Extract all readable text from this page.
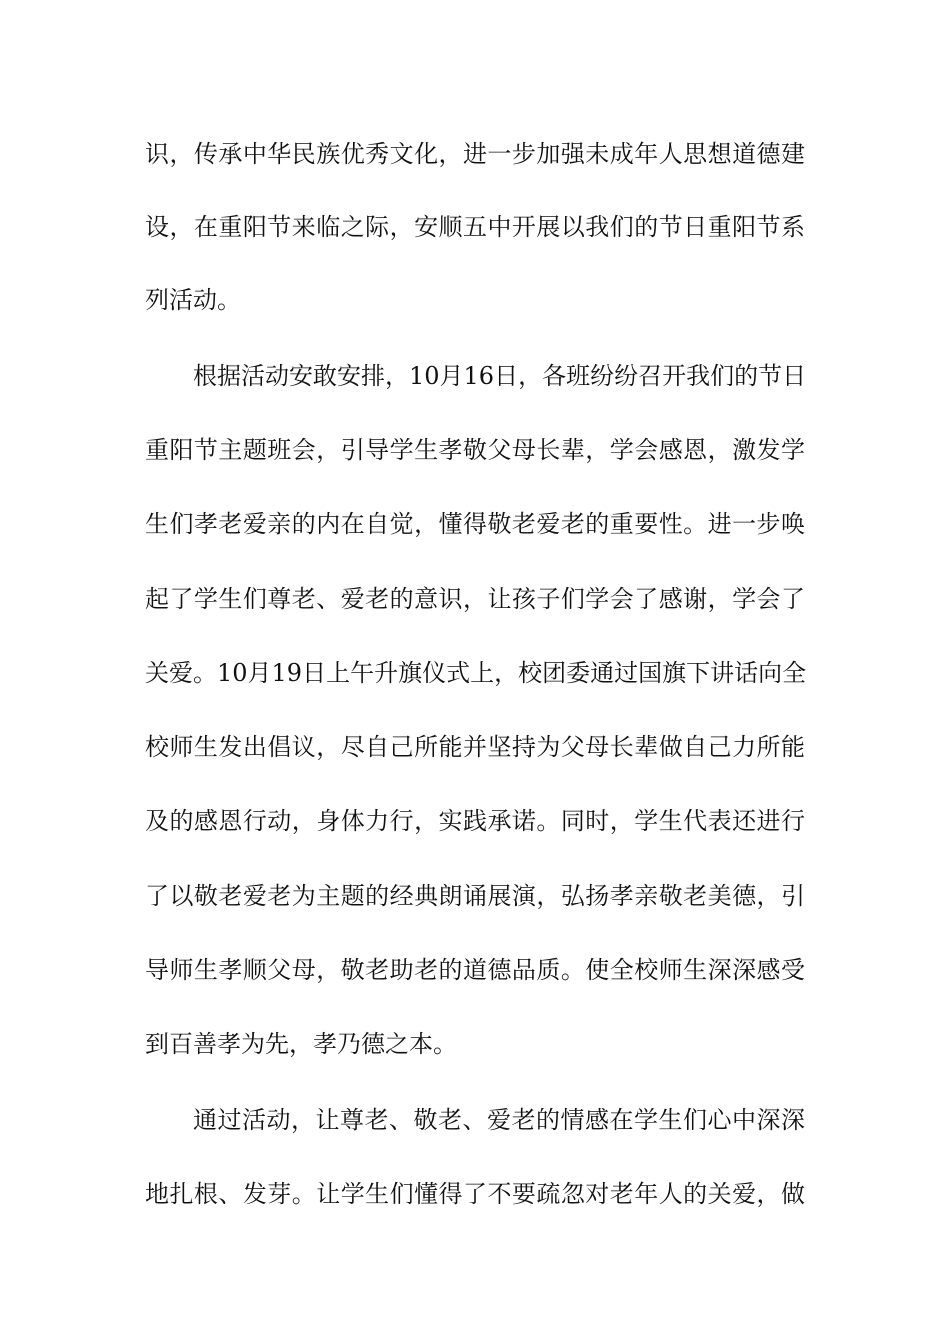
识，传承中华民族优秀文化，进一步加强未成年人思想道德建
设，在重阳节来临之际，安顺五中开展以我们的节日重阳节系
列活动。
根据活动安敢安排，10月16日，各班纷纷召开我们的节日
重阳节主题班会，引导学生孝敬父母长辈，学会感恩，激发学
生们孝老爱亲的内在自觉，懂得敬老爱老的重要性。进一步唤
起了学生们尊老、爱老的意识，让孩子们学会了感谢，学会了
关爱。10月19日上午升旗仪式上，校团委通过国旗下讲话向全
校师生发出倡议，尽自己所能并坚持为父母长辈做自己力所能
及的感恩行动，身体力行，实践承诺。同时，学生代表还进行
了以敬老爱老为主题的经典朗诵展演，弘扬孝亲敬老美德，引
导师生孝顺父母，敬老助老的道德品质。使全校师生深深感受
到百善孝为先，孝乃德之本。
通过活动，让尊老、敬老、爱老的情感在学生们心中深深
地扎根、发芽。让学生们懂得了不要疏忽对老年人的关爱，做
